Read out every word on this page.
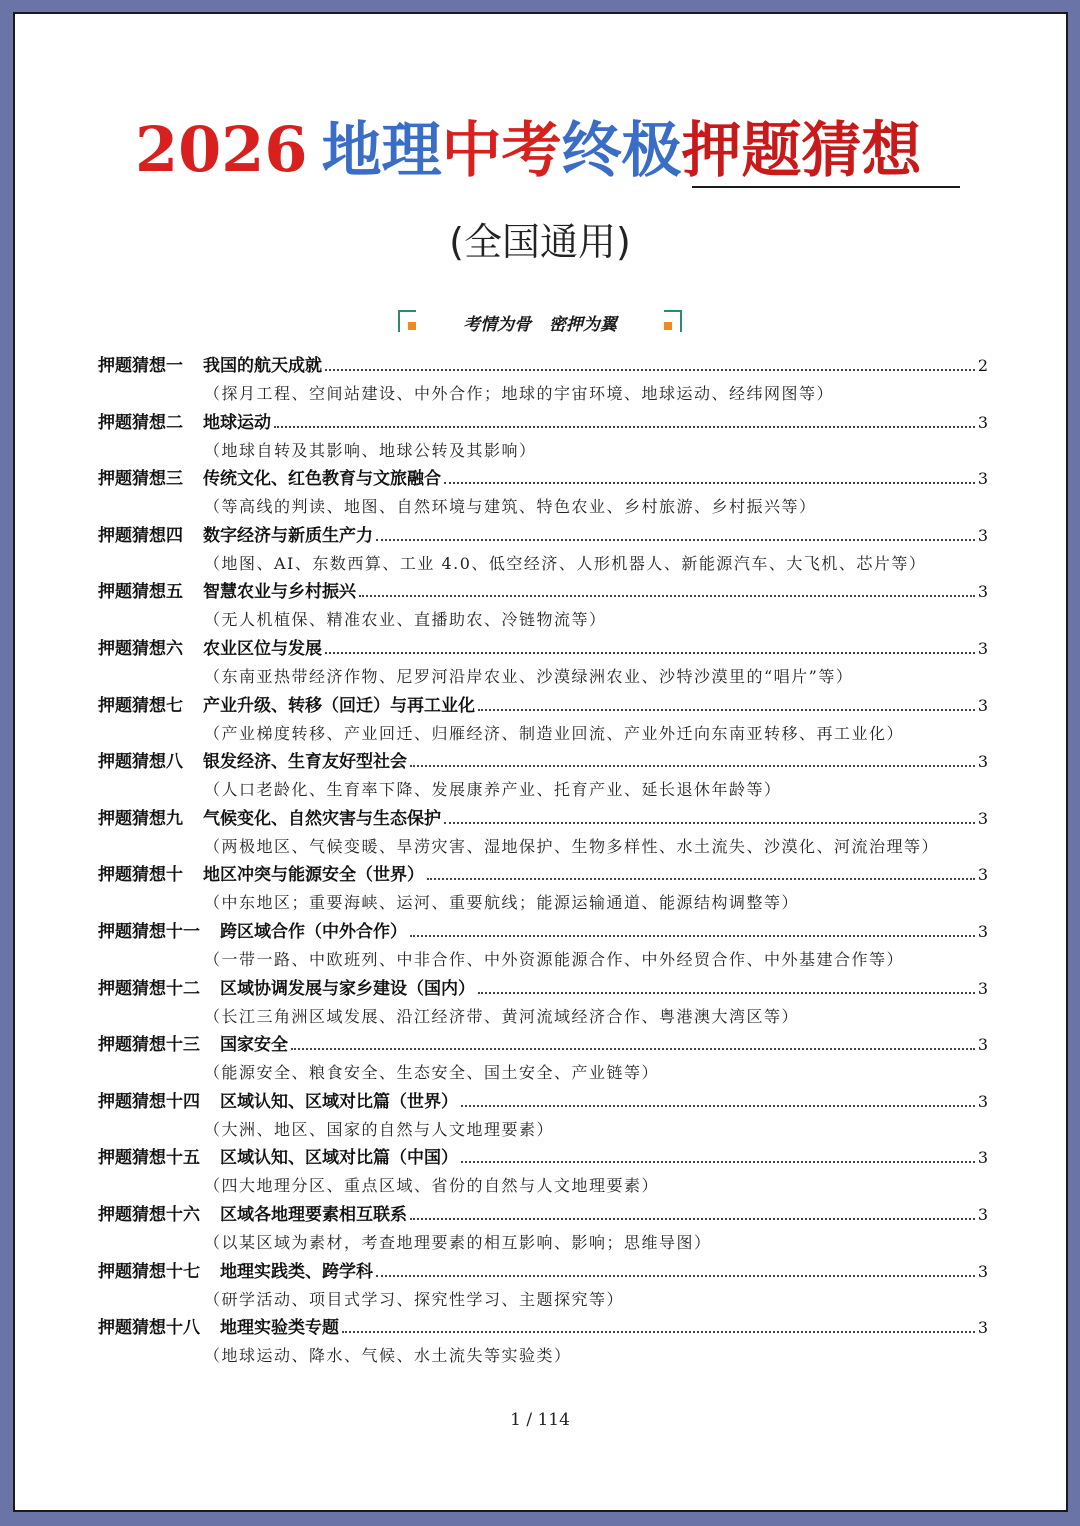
2026 地理中考终极押题猜想
(全国通用)
考情为骨   密押为翼
押题猜想一 我国的航天成就	2
（探月工程、空间站建设、中外合作；地球的宇宙环境、地球运动、经纬网图等）
押题猜想二 地球运动	3
（地球自转及其影响、地球公转及其影响）
押题猜想三 传统文化、红色教育与文旅融合	3
（等高线的判读、地图、自然环境与建筑、特色农业、乡村旅游、乡村振兴等）
押题猜想四 数字经济与新质生产力	3
（地图、AI、东数西算、工业 4.0、低空经济、人形机器人、新能源汽车、大飞机、芯片等）
押题猜想五 智慧农业与乡村振兴	3
（无人机植保、精准农业、直播助农、冷链物流等）
押题猜想六 农业区位与发展	3
（东南亚热带经济作物、尼罗河沿岸农业、沙漠绿洲农业、沙特沙漠里的“唱片”等）
押题猜想七 产业升级、转移（回迁）与再工业化	3
（产业梯度转移、产业回迁、归雁经济、制造业回流、产业外迁向东南亚转移、再工业化）
押题猜想八 银发经济、生育友好型社会	3
（人口老龄化、生育率下降、发展康养产业、托育产业、延长退休年龄等）
押题猜想九 气候变化、自然灾害与生态保护	3
（两极地区、气候变暖、旱涝灾害、湿地保护、生物多样性、水土流失、沙漠化、河流治理等）
押题猜想十 地区冲突与能源安全（世界）	3
（中东地区；重要海峡、运河、重要航线；能源运输通道、能源结构调整等）
押题猜想十一 跨区域合作（中外合作）	3
（一带一路、中欧班列、中非合作、中外资源能源合作、中外经贸合作、中外基建合作等）
押题猜想十二 区域协调发展与家乡建设（国内）	3
（长江三角洲区域发展、沿江经济带、黄河流域经济合作、粤港澳大湾区等）
押题猜想十三 国家安全	3
（能源安全、粮食安全、生态安全、国土安全、产业链等）
押题猜想十四 区域认知、区域对比篇（世界）	3
（大洲、地区、国家的自然与人文地理要素）
押题猜想十五 区域认知、区域对比篇（中国）	3
（四大地理分区、重点区域、省份的自然与人文地理要素）
押题猜想十六 区域各地理要素相互联系	3
（以某区域为素材，考查地理要素的相互影响、影响；思维导图）
押题猜想十七 地理实践类、跨学科	3
（研学活动、项目式学习、探究性学习、主题探究等）
押题猜想十八 地理实验类专题	3
（地球运动、降水、气候、水土流失等实验类）
1 / 114
